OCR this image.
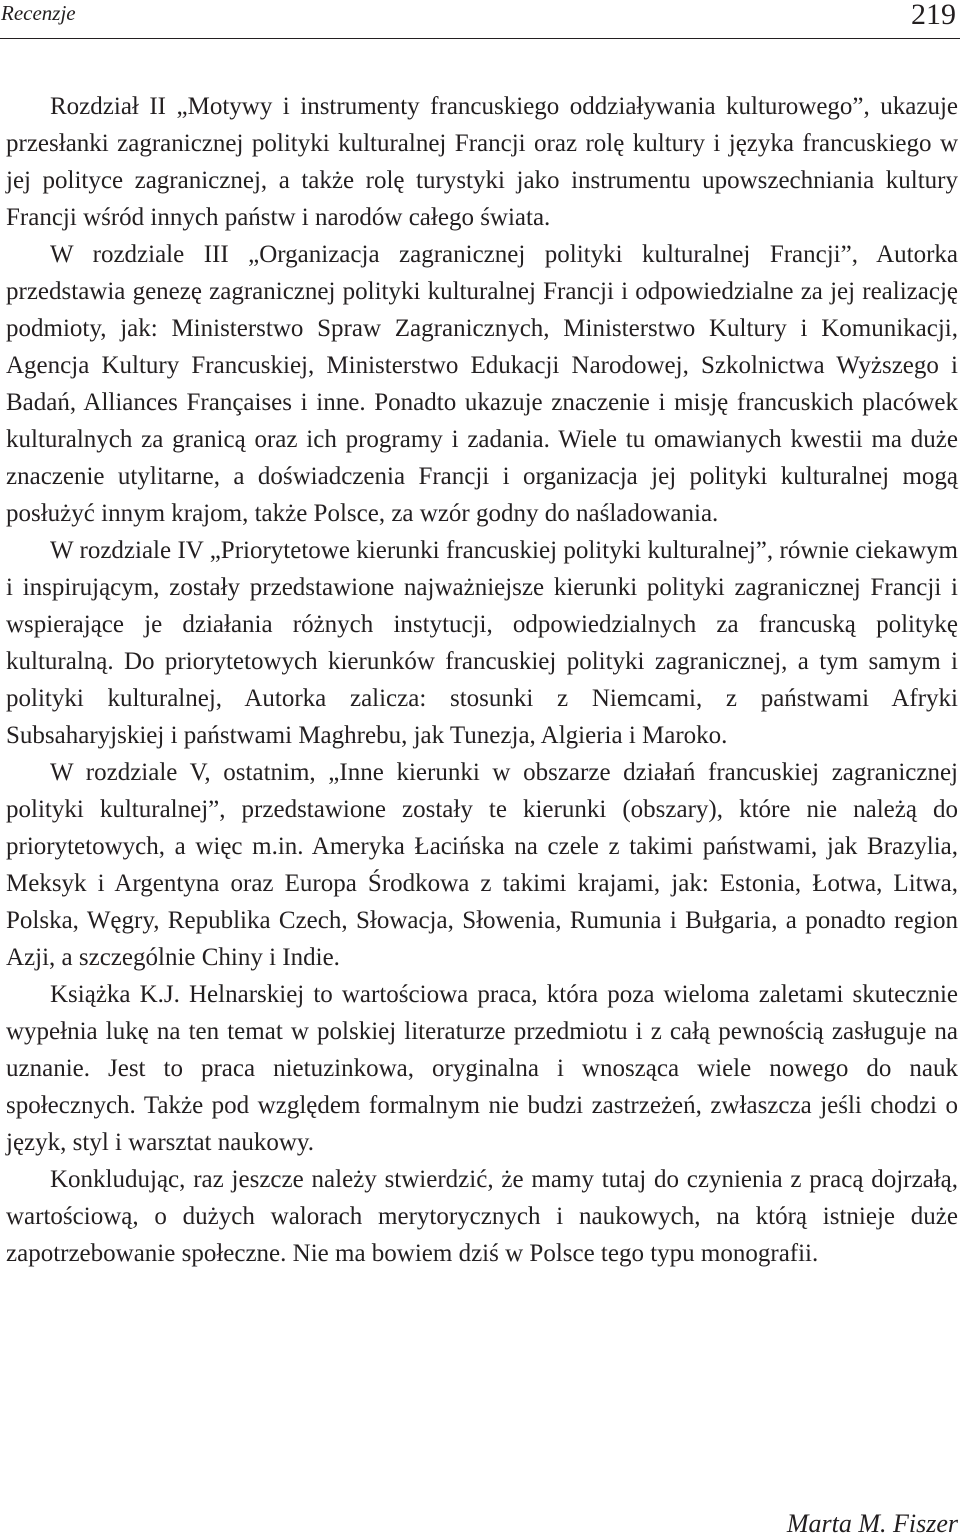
Recenzje	219

Rozdział II „Motywy i instrumenty francuskiego oddziaływania kulturowego”, ukazuje przesłanki zagranicznej polityki kulturalnej Francji oraz rolę kultury i języka francuskiego w jej polityce zagranicznej, a także rolę turystyki jako instrumentu upowszechniania kultury Francji wśród innych państw i narodów całego świata.

W rozdziale III „Organizacja zagranicznej polityki kulturalnej Francji”, Autorka przedstawia genezę zagranicznej polityki kulturalnej Francji i odpowiedzialne za jej realizację podmioty, jak: Ministerstwo Spraw Zagranicznych, Ministerstwo Kultury i Komunikacji, Agencja Kultury Francuskiej, Ministerstwo Edukacji Narodowej, Szkolnictwa Wyższego i Badań, Alliances Françaises i inne. Ponadto ukazuje znaczenie i misję francuskich placówek kulturalnych za granicą oraz ich programy i zadania. Wiele tu omawianych kwestii ma duże znaczenie utylitarne, a doświadczenia Francji i organizacja jej polityki kulturalnej mogą posłużyć innym krajom, także Polsce, za wzór godny do naśladowania.

W rozdziale IV „Priorytetowe kierunki francuskiej polityki kulturalnej”, równie ciekawym i inspirującym, zostały przedstawione najważniejsze kierunki polityki zagranicznej Francji i wspierające je działania różnych instytucji, odpowiedzialnych za francuską politykę kulturalną. Do priorytetowych kierunków francuskiej polityki zagranicznej, a tym samym i polityki kulturalnej, Autorka zalicza: stosunki z Niemcami, z państwami Afryki Subsaharyjskiej i państwami Maghrebu, jak Tunezja, Algieria i Maroko.

W rozdziale V, ostatnim, „Inne kierunki w obszarze działań francuskiej zagranicznej polityki kulturalnej”, przedstawione zostały te kierunki (obszary), które nie należą do priorytetowych, a więc m.in. Ameryka Łacińska na czele z takimi państwami, jak Brazylia, Meksyk i Argentyna oraz Europa Środkowa z takimi krajami, jak: Estonia, Łotwa, Litwa, Polska, Węgry, Republika Czech, Słowacja, Słowenia, Rumunia i Bułgaria, a ponadto region Azji, a szczególnie Chiny i Indie.

Książka K.J. Helnarskiej to wartościowa praca, która poza wieloma zaletami skutecznie wypełnia lukę na ten temat w polskiej literaturze przedmiotu i z całą pewnością zasługuje na uznanie. Jest to praca nietuzinkowa, oryginalna i wnosząca wiele nowego do nauk społecznych. Także pod względem formalnym nie budzi zastrzeżeń, zwłaszcza jeśli chodzi o język, styl i warsztat naukowy.

Konkludując, raz jeszcze należy stwierdzić, że mamy tutaj do czynienia z pracą dojrzałą, wartościową, o dużych walorach merytorycznych i naukowych, na którą istnieje duże zapotrzebowanie społeczne. Nie ma bowiem dziś w Polsce tego typu monografii.

Marta M. Fiszer
